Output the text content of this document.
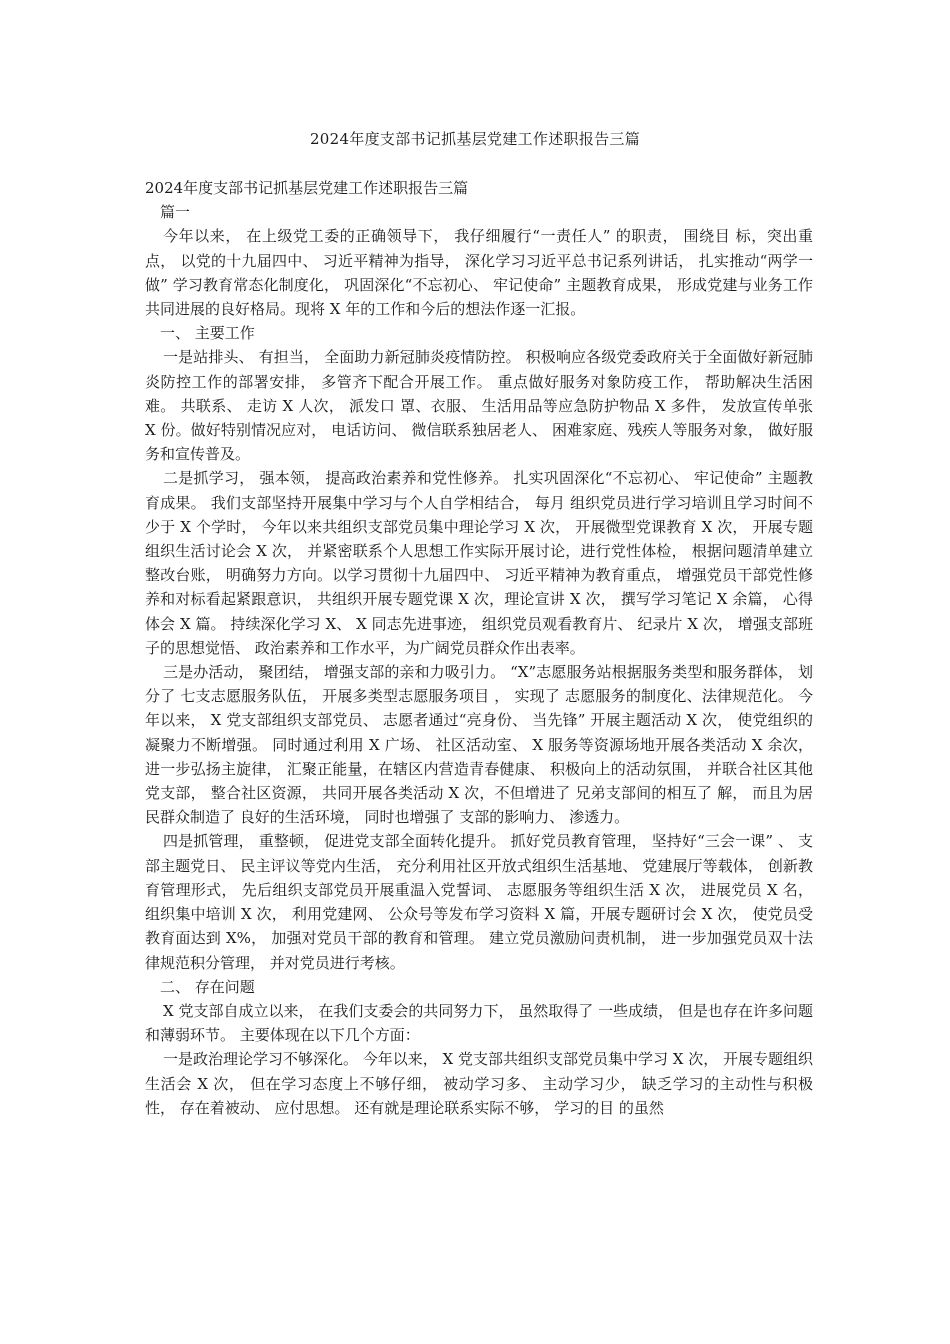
2024年度支部书记抓基层党建工作述职报告三篇

2024年度支部书记抓基层党建工作述职报告三篇

篇一

今年以来， 在上级党工委的正确领导下， 我仔细履行“一责任人” 的职责， 围绕目 标，突出重点， 以党的十九届四中、 习近平精神为指导， 深化学习习近平总书记系列讲话， 扎实推动“两学一做” 学习教育常态化制度化， 巩固深化“不忘初心、 牢记使命” 主题教育成果， 形成党建与业务工作共同进展的良好格局。现将 X 年的工作和今后的想法作逐一汇报。

一、 主要工作

一是站排头、 有担当， 全面助力新冠肺炎疫情防控。 积极响应各级党委政府关于全面做好新冠肺炎防控工作的部署安排， 多管齐下配合开展工作。 重点做好服务对象防疫工作， 帮助解决生活困难。 共联系、 走访 X 人次， 派发口 罩、衣服、 生活用品等应急防护物品 X 多件， 发放宣传单张 X 份。做好特别情况应对， 电话访问、 微信联系独居老人、 困难家庭、残疾人等服务对象， 做好服务和宣传普及。

二是抓学习， 强本领， 提高政治素养和党性修养。 扎实巩固深化“不忘初心、 牢记使命” 主题教育成果。 我们支部坚持开展集中学习与个人自学相结合， 每月 组织党员进行学习培训且学习时间不少于 X 个学时， 今年以来共组织支部党员集中理论学习 X 次， 开展微型党课教育 X 次， 开展专题组织生活讨论会 X 次， 并紧密联系个人思想工作实际开展讨论，进行党性体检， 根据问题清单建立整改台账， 明确努力方向。以学习贯彻十九届四中、 习近平精神为教育重点， 增强党员干部党性修养和对标看起紧跟意识， 共组织开展专题党课 X 次，理论宣讲 X 次， 撰写学习笔记 X 余篇， 心得体会 X 篇。 持续深化学习 X、 X 同志先进事迹， 组织党员观看教育片、 纪录片 X 次， 增强支部班子的思想觉悟、 政治素养和工作水平，为广阔党员群众作出表率。

三是办活动， 聚团结， 增强支部的亲和力吸引力。 “X”志愿服务站根据服务类型和服务群体， 划分了 七支志愿服务队伍， 开展多类型志愿服务项目 ， 实现了 志愿服务的制度化、法律规范化。 今年以来， X 党支部组织支部党员、 志愿者通过“亮身份、 当先锋” 开展主题活动 X 次， 使党组织的凝聚力不断增强。 同时通过利用 X 广场、 社区活动室、 X 服务等资源场地开展各类活动 X 余次， 进一步弘扬主旋律， 汇聚正能量，在辖区内营造青春健康、 积极向上的活动氛围， 并联合社区其他党支部， 整合社区资源， 共同开展各类活动 X 次，不但增进了 兄弟支部间的相互了 解， 而且为居民群众制造了 良好的生活环境， 同时也增强了 支部的影响力、 渗透力。

四是抓管理， 重整顿， 促进党支部全面转化提升。 抓好党员教育管理， 坚持好“三会一课” 、 支部主题党日、 民主评议等党内生活， 充分利用社区开放式组织生活基地、 党建展厅等载体， 创新教育管理形式， 先后组织支部党员开展重温入党誓词、 志愿服务等组织生活 X 次， 进展党员 X 名， 组织集中培训 X 次， 利用党建网、 公众号等发布学习资料 X 篇，开展专题研讨会 X 次， 使党员受教育面达到 X%， 加强对党员干部的教育和管理。 建立党员激励问责机制， 进一步加强党员双十法律规范积分管理， 并对党员进行考核。

二、 存在问题

X 党支部自成立以来， 在我们支委会的共同努力下， 虽然取得了 一些成绩， 但是也存在许多问题和薄弱环节。 主要体现在以下几个方面：

一是政治理论学习不够深化。 今年以来， X 党支部共组织支部党员集中学习 X 次， 开展专题组织生活会 X 次， 但在学习态度上不够仔细， 被动学习多、 主动学习少， 缺乏学习的主动性与积极性， 存在着被动、 应付思想。 还有就是理论联系实际不够， 学习的目 的虽然
